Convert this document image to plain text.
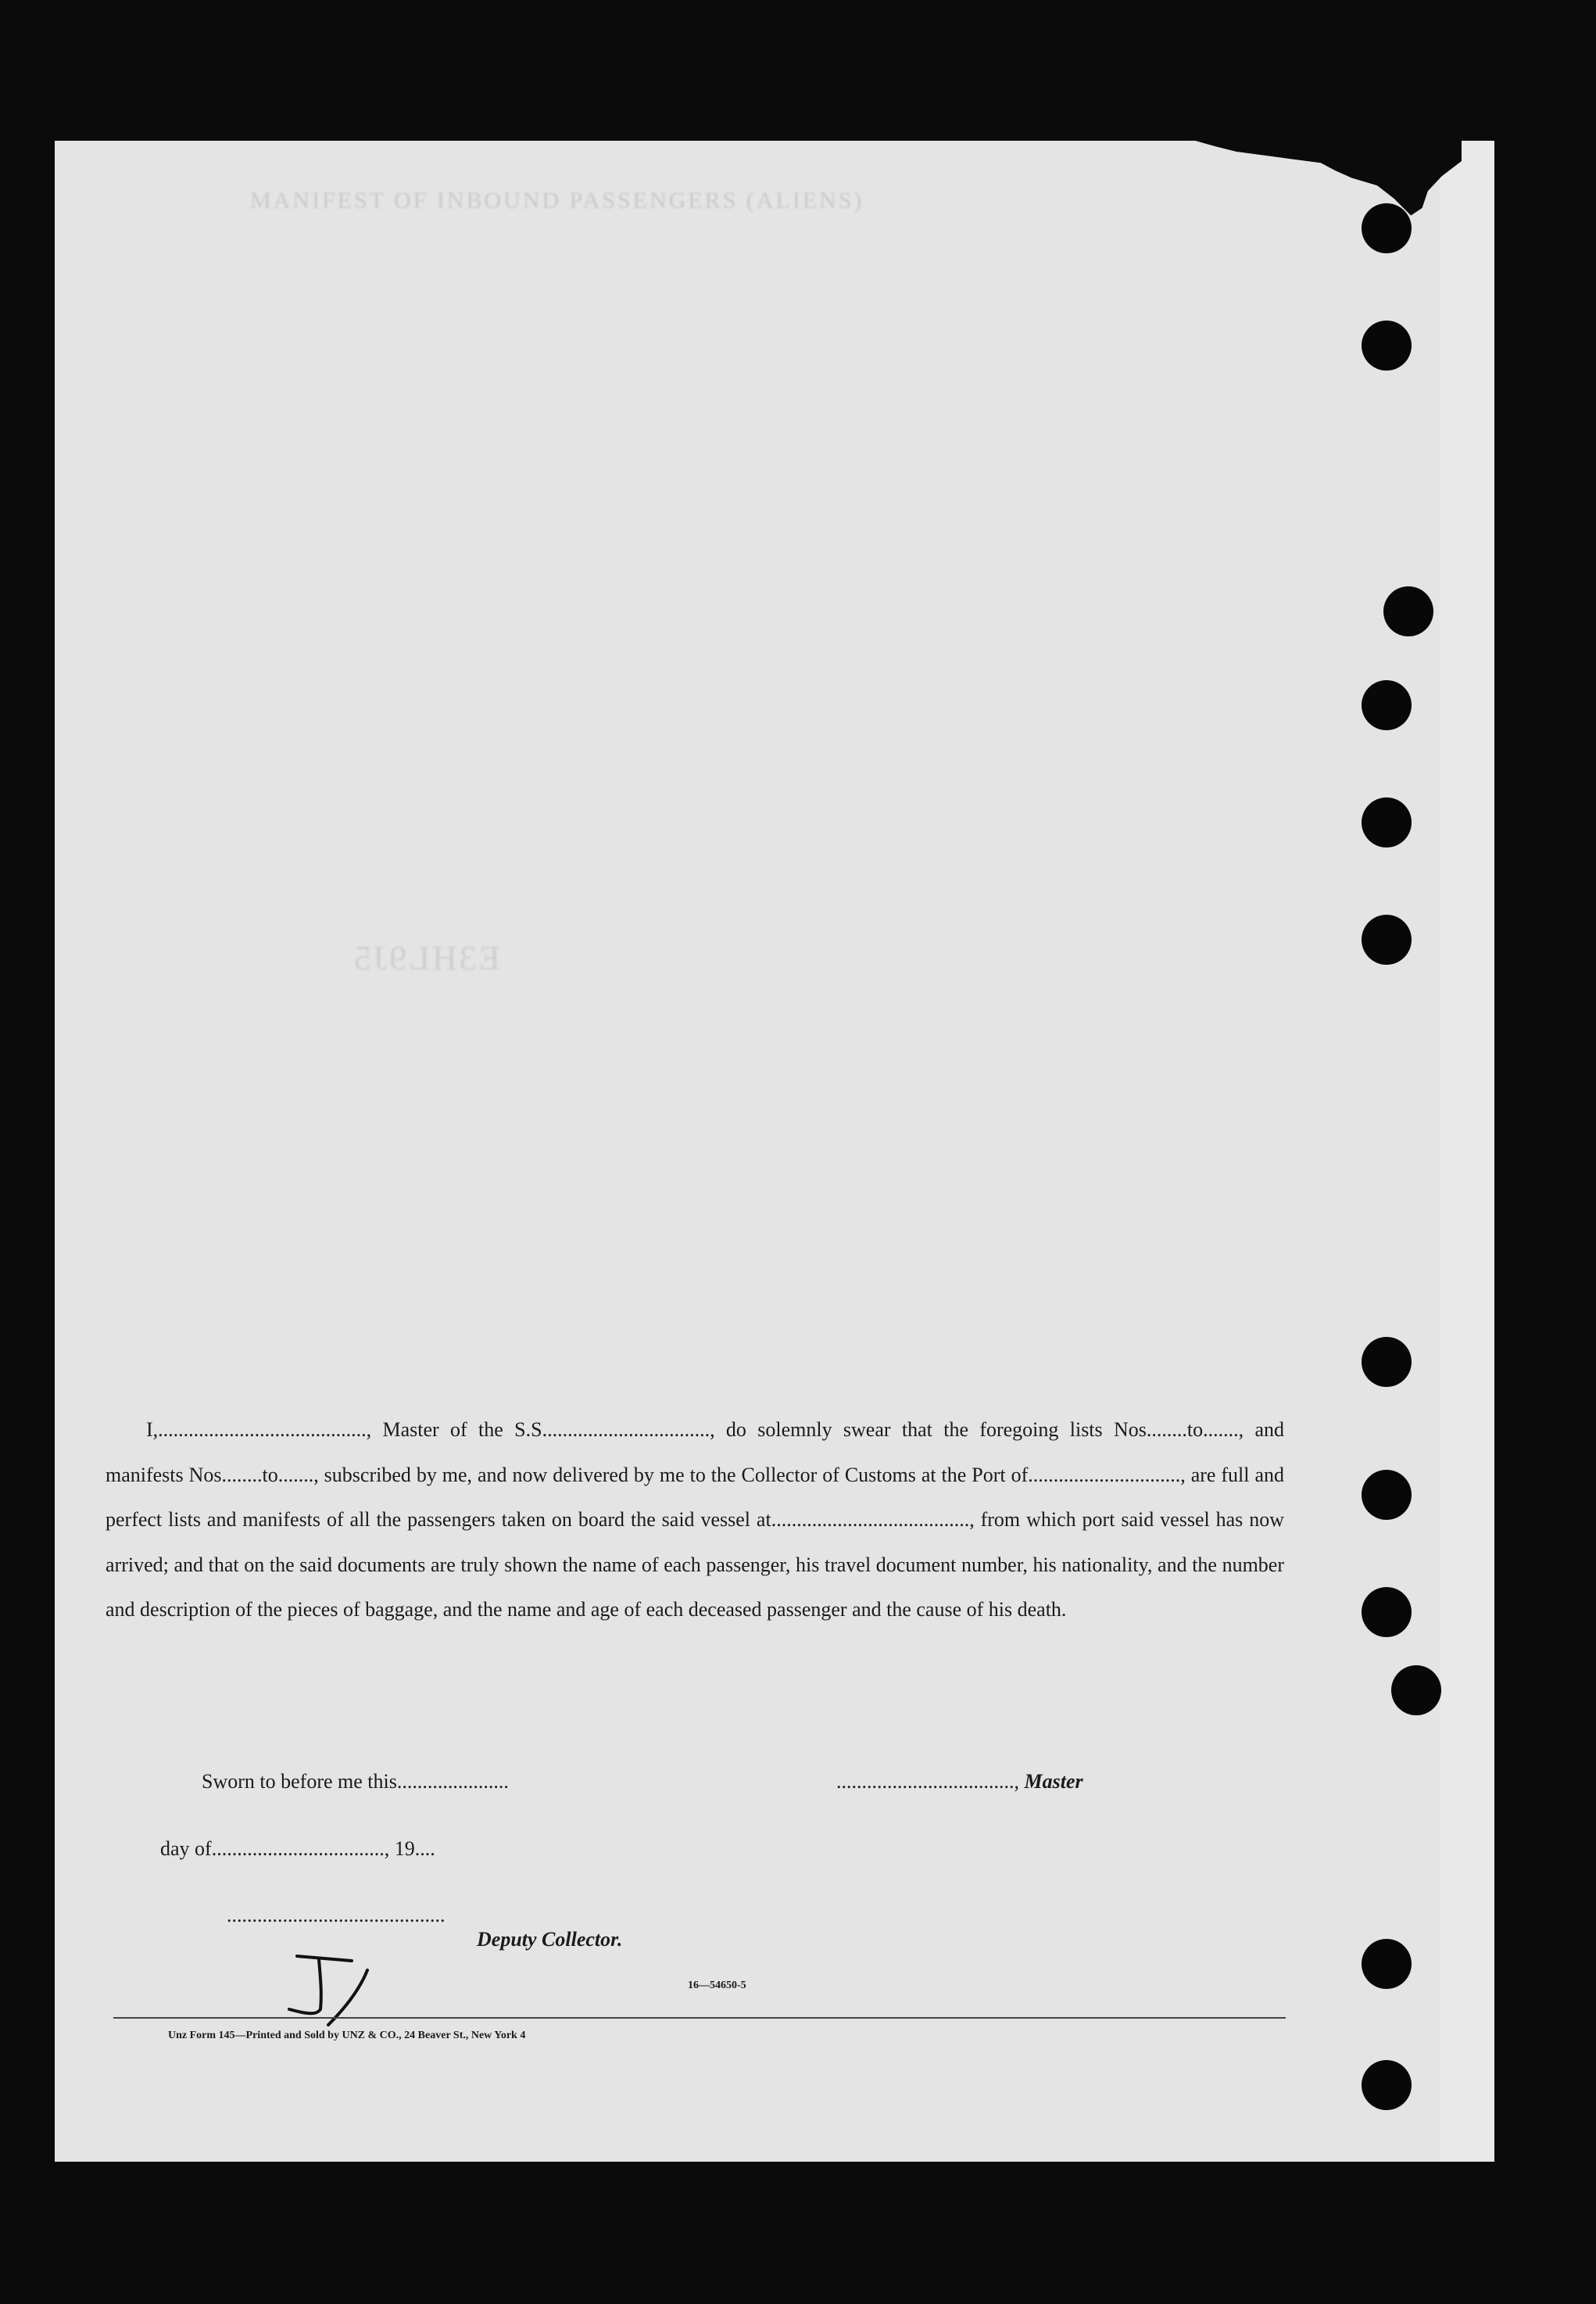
MANIFEST OF INBOUND PASSENGERS (ALIENS)
E3HL9J5

I,........................................., Master of the S.S................................., do solemnly swear that the foregoing lists Nos........to......., and manifests Nos........to......., subscribed by me, and now delivered by me to the Collector of Customs at the Port of.............................., are full and perfect lists and manifests of all the passengers taken on board the said vessel at......................................., from which port said vessel has now arrived; and that on the said documents are truly shown the name of each passenger, his travel document number, his nationality, and the number and description of the pieces of baggage, and the name and age of each deceased passenger and the cause of his death.

Sworn to before me this......................	..................................., Master
day of.................................., 19....
...........................................
Deputy Collector.
16—54650-5
Unz Form 145—Printed and Sold by UNZ & CO., 24 Beaver St., New York 4
